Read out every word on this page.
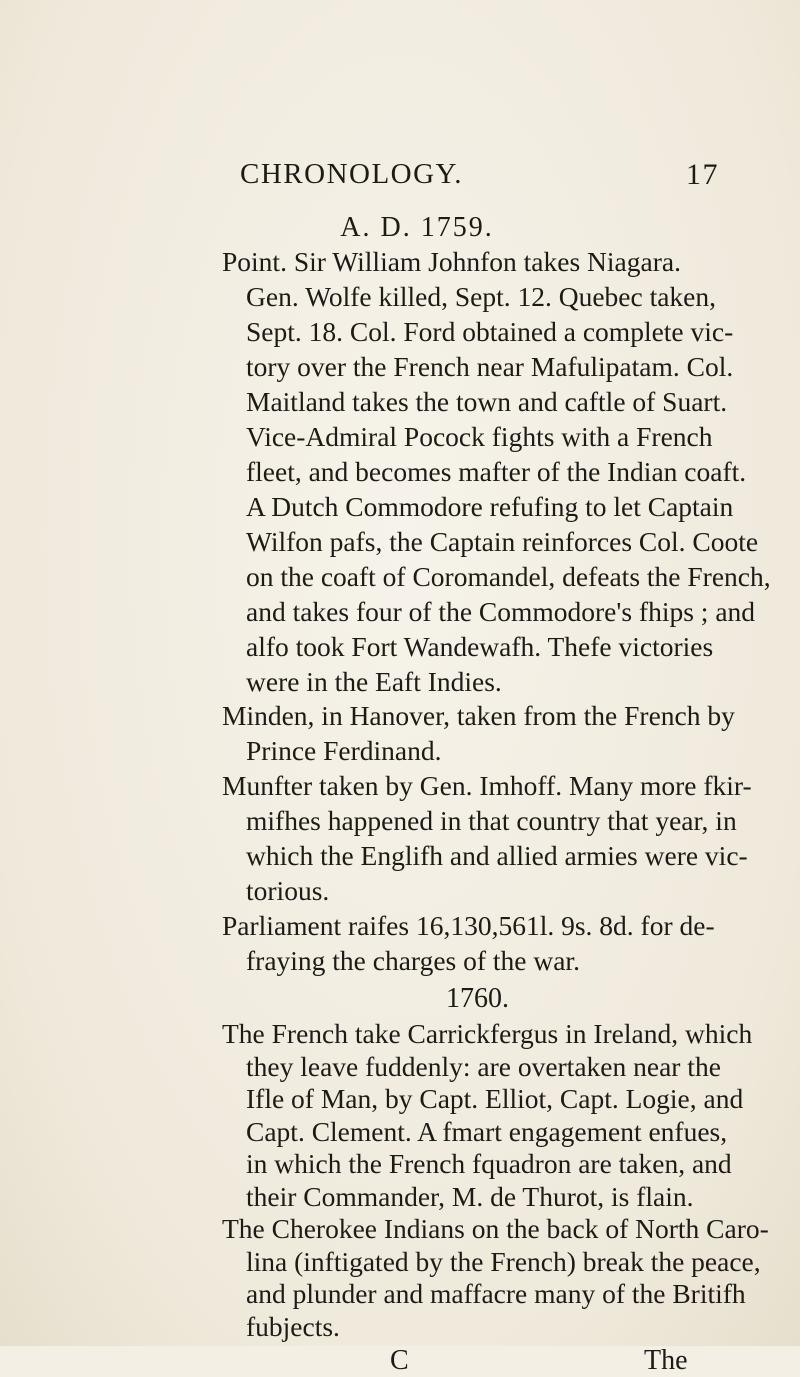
CHRONOLOGY.	17
A. D. 1759.
Point. Sir William Johnfon takes Niagara.
Gen. Wolfe killed, Sept. 12. Quebec taken,
Sept. 18. Col. Ford obtained a complete vic-
tory over the French near Mafulipatam. Col.
Maitland takes the town and caftle of Suart.
Vice-Admiral Pocock fights with a French
fleet, and becomes mafter of the Indian coaft.
A Dutch Commodore refufing to let Captain
Wilfon pafs, the Captain reinforces Col. Coote
on the coaft of Coromandel, defeats the French,
and takes four of the Commodore's fhips ; and
alfo took Fort Wandewafh. Thefe victories
were in the Eaft Indies.
Minden, in Hanover, taken from the French by
Prince Ferdinand.
Munfter taken by Gen. Imhoff. Many more fkir-
mifhes happened in that country that year, in
which the Englifh and allied armies were vic-
torious.
Parliament raifes 16,130,561l. 9s. 8d. for de-
fraying the charges of the war.
1760.
The French take Carrickfergus in Ireland, which
they leave fuddenly: are overtaken near the
Ifle of Man, by Capt. Elliot, Capt. Logie, and
Capt. Clement. A fmart engagement enfues,
in which the French fquadron are taken, and
their Commander, M. de Thurot, is flain.
The Cherokee Indians on the back of North Caro-
lina (inftigated by the French) break the peace,
and plunder and maffacre many of the Britifh
fubjects.
C	The
